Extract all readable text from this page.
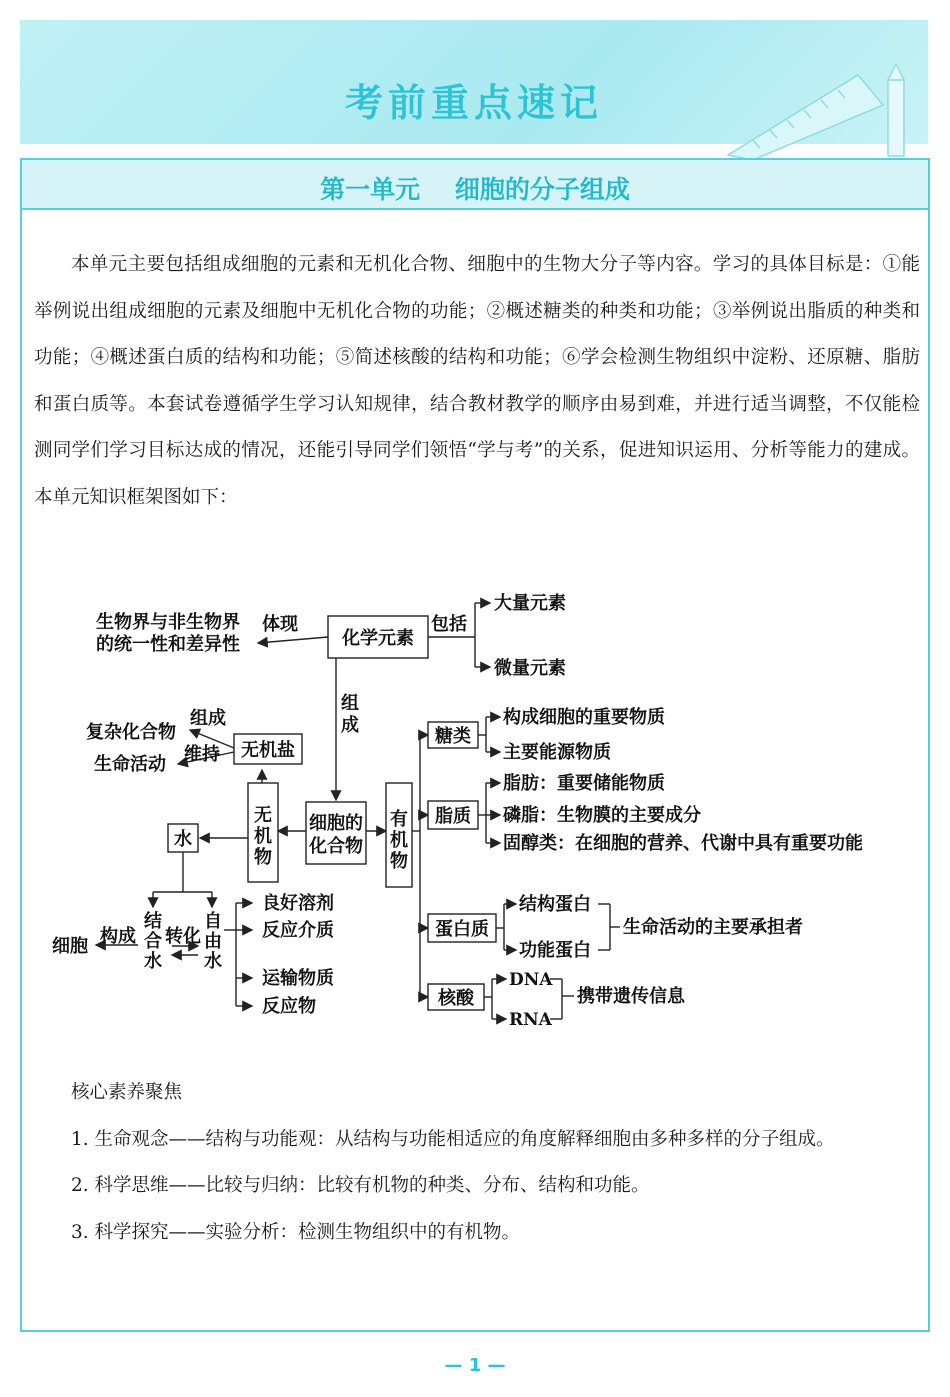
考前重点速记
第一单元    细胞的分子组成

本单元主要包括组成细胞的元素和无机化合物、细胞中的生物大分子等内容。学习的具体目标是：①能举例说出组成细胞的元素及细胞中无机化合物的功能；②概述糖类的种类和功能；③举例说出脂质的种类和功能；④概述蛋白质的结构和功能；⑤简述核酸的结构和功能；⑥学会检测生物组织中淀粉、还原糖、脂肪和蛋白质等。本套试卷遵循学生学习认知规律，结合教材教学的顺序由易到难，并进行适当调整，不仅能检测同学们学习目标达成的情况，还能引导同学们领悟“学与考”的关系，促进知识运用、分析等能力的建成。本单元知识框架图如下：

核心素养聚焦
1. 生命观念——结构与功能观：从结构与功能相适应的角度解释细胞由多种多样的分子组成。
2. 科学思维——比较与归纳：比较有机物的种类、分布、结构和功能。
3. 科学探究——实验分析：检测生物组织中的有机物。
生物界与非生物界
的统一性和差异性
体现
化学元素
包括
大量元素
微量元素
组
成
细胞的
化合物
无
机
物
有
机
物
无机盐
复杂化合物
生命活动
组成
维持
水
结
合
水
自
由
水
细胞 构成 转化
良好溶剂
反应介质
运输物质
反应物
糖类
构成细胞的重要物质
主要能源物质
脂质
脂肪：重要储能物质
磷脂：生物膜的主要成分
固醇类：在细胞的营养、代谢中具有重要功能
蛋白质
结构蛋白
功能蛋白
生命活动的主要承担者
核酸
DNA
RNA
携带遗传信息
— 1 —
